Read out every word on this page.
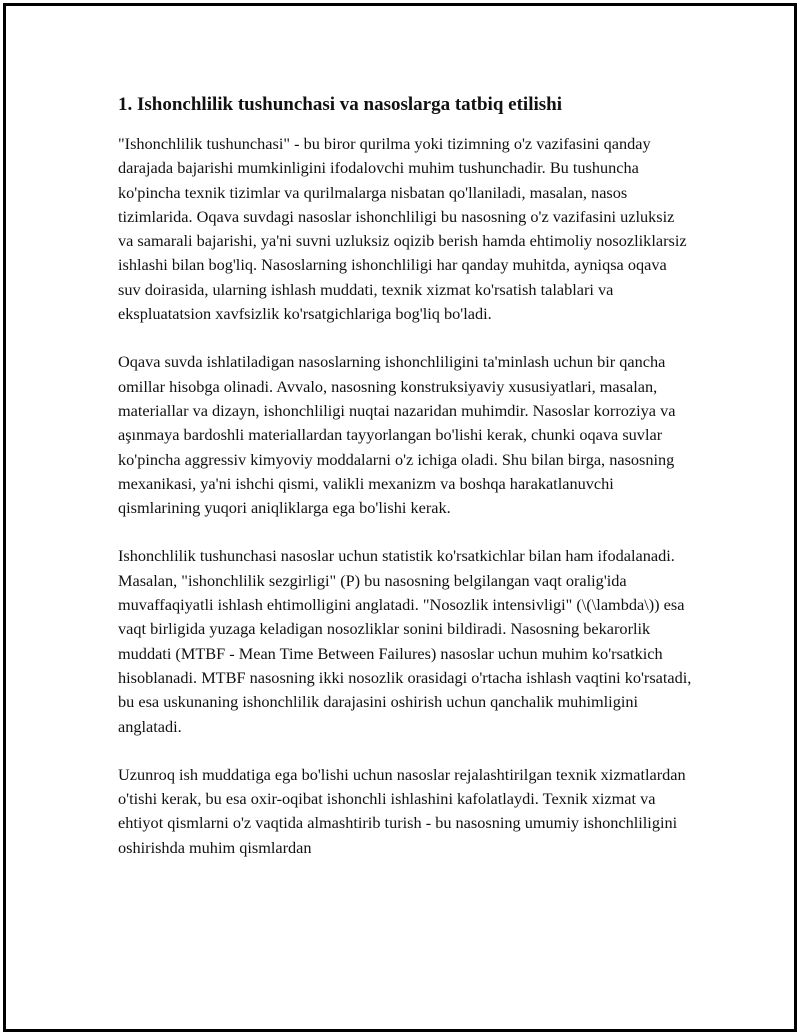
1. Ishonchlilik tushunchasi va nasoslarga tatbiq etilishi

"Ishonchlilik tushunchasi" - bu biror qurilma yoki tizimning o'z vazifasini qanday darajada bajarishi mumkinligini ifodalovchi muhim tushunchadir. Bu tushuncha ko'pincha texnik tizimlar va qurilmalarga nisbatan qo'llaniladi, masalan, nasos tizimlarida. Oqava suvdagi nasoslar ishonchliligi bu nasosning o'z vazifasini uzluksiz va samarali bajarishi, ya'ni suvni uzluksiz oqizib berish hamda ehtimoliy nosozliklarsiz ishlashi bilan bog'liq. Nasoslarning ishonchliligi har qanday muhitda, ayniqsa oqava suv doirasida, ularning ishlash muddati, texnik xizmat ko'rsatish talablari va ekspluatatsion xavfsizlik ko'rsatgichlariga bog'liq bo'ladi.

Oqava suvda ishlatiladigan nasoslarning ishonchliligini ta'minlash uchun bir qancha omillar hisobga olinadi. Avvalo, nasosning konstruksiyaviy xususiyatlari, masalan, materiallar va dizayn, ishonchliligi nuqtai nazaridan muhimdir. Nasoslar korroziya va aşınmaya bardoshli materiallardan tayyorlangan bo'lishi kerak, chunki oqava suvlar ko'pincha aggressiv kimyoviy moddalarni o'z ichiga oladi. Shu bilan birga, nasosning mexanikasi, ya'ni ishchi qismi, valikli mexanizm va boshqa harakatlanuvchi qismlarining yuqori aniqliklarga ega bo'lishi kerak.

Ishonchlilik tushunchasi nasoslar uchun statistik ko'rsatkichlar bilan ham ifodalanadi. Masalan, "ishonchlilik sezgirligi" (P) bu nasosning belgilangan vaqt oralig'ida muvaffaqiyatli ishlash ehtimolligini anglatadi. "Nosozlik intensivligi" (\(\lambda\)) esa vaqt birligida yuzaga keladigan nosozliklar sonini bildiradi. Nasosning bekarorlik muddati (MTBF - Mean Time Between Failures) nasoslar uchun muhim ko'rsatkich hisoblanadi. MTBF nasosning ikki nosozlik orasidagi o'rtacha ishlash vaqtini ko'rsatadi, bu esa uskunaning ishonchlilik darajasini oshirish uchun qanchalik muhimligini anglatadi.

Uzunroq ish muddatiga ega bo'lishi uchun nasoslar rejalashtirilgan texnik xizmatlardan o'tishi kerak, bu esa oxir-oqibat ishonchli ishlashini kafolatlaydi. Texnik xizmat va ehtiyot qismlarni o'z vaqtida almashtirib turish - bu nasosning umumiy ishonchliligini oshirishda muhim qismlardan
